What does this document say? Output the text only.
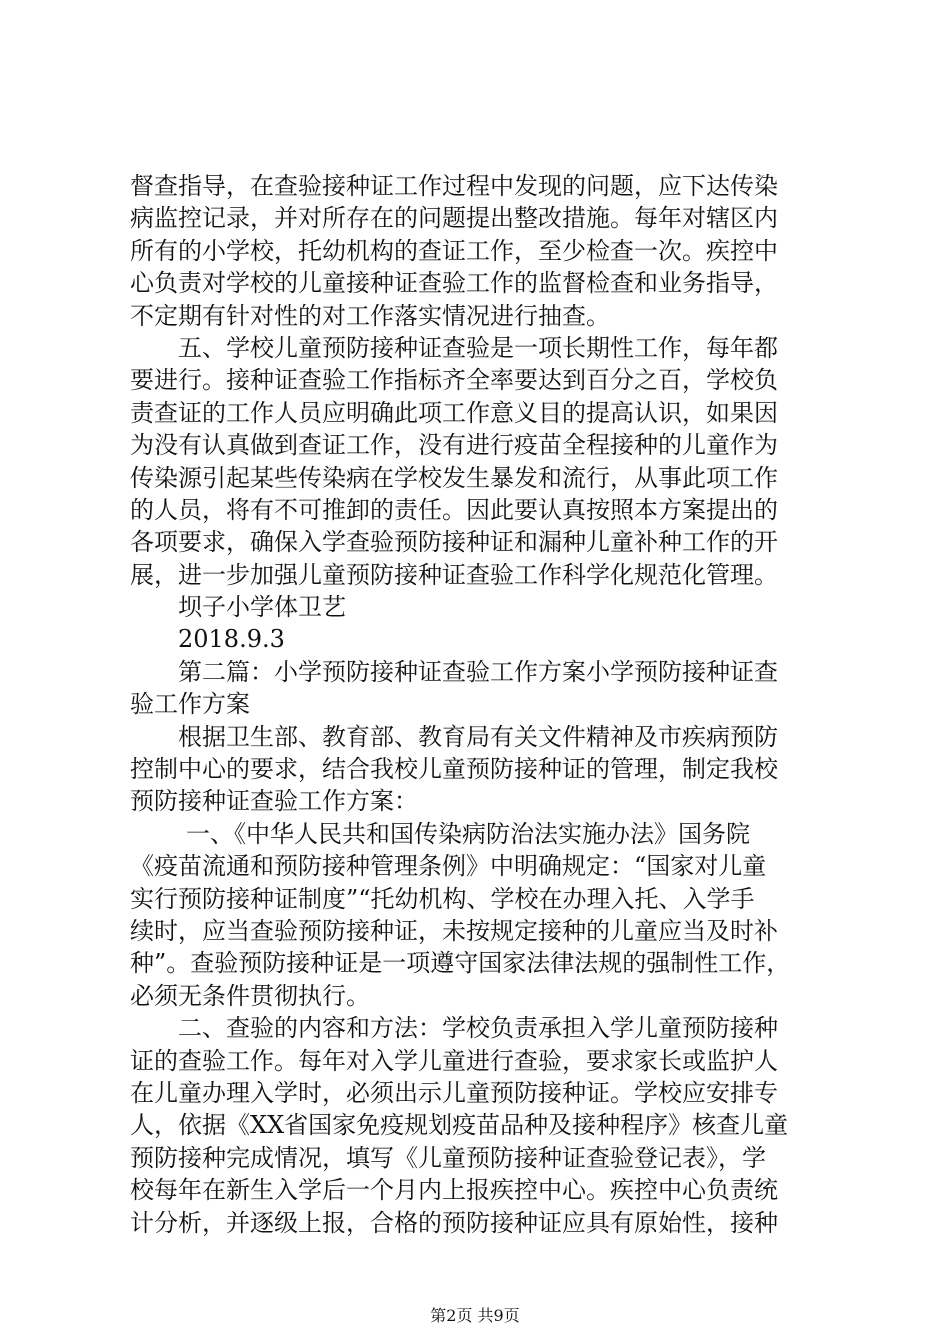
督查指导，在查验接种证工作过程中发现的问题，应下达传染
病监控记录，并对所存在的问题提出整改措施。每年对辖区内
所有的小学校，托幼机构的查证工作，至少检查一次。疾控中
心负责对学校的儿童接种证查验工作的监督检查和业务指导，
不定期有针对性的对工作落实情况进行抽查。
五、学校儿童预防接种证查验是一项长期性工作，每年都
要进行。接种证查验工作指标齐全率要达到百分之百，学校负
责查证的工作人员应明确此项工作意义目的提高认识，如果因
为没有认真做到查证工作，没有进行疫苗全程接种的儿童作为
传染源引起某些传染病在学校发生暴发和流行，从事此项工作
的人员，将有不可推卸的责任。因此要认真按照本方案提出的
各项要求，确保入学查验预防接种证和漏种儿童补种工作的开
展，进一步加强儿童预防接种证查验工作科学化规范化管理。
坝子小学体卫艺
2018.9.3
第二篇：小学预防接种证查验工作方案小学预防接种证查
验工作方案
根据卫生部、教育部、教育局有关文件精神及市疾病预防
控制中心的要求，结合我校儿童预防接种证的管理，制定我校
预防接种证查验工作方案：
一、《中华人民共和国传染病防治法实施办法》国务院
《疫苗流通和预防接种管理条例》中明确规定：“国家对儿童
实行预防接种证制度”“托幼机构、学校在办理入托、入学手
续时，应当查验预防接种证，未按规定接种的儿童应当及时补
种”。查验预防接种证是一项遵守国家法律法规的强制性工作，
必须无条件贯彻执行。
二、查验的内容和方法：学校负责承担入学儿童预防接种
证的查验工作。每年对入学儿童进行查验，要求家长或监护人
在儿童办理入学时，必须出示儿童预防接种证。学校应安排专
人，依据《XX省国家免疫规划疫苗品种及接种程序》核查儿童
预防接种完成情况，填写《儿童预防接种证查验登记表》，学
校每年在新生入学后一个月内上报疾控中心。疾控中心负责统
计分析，并逐级上报，合格的预防接种证应具有原始性，接种
第2页 共9页
